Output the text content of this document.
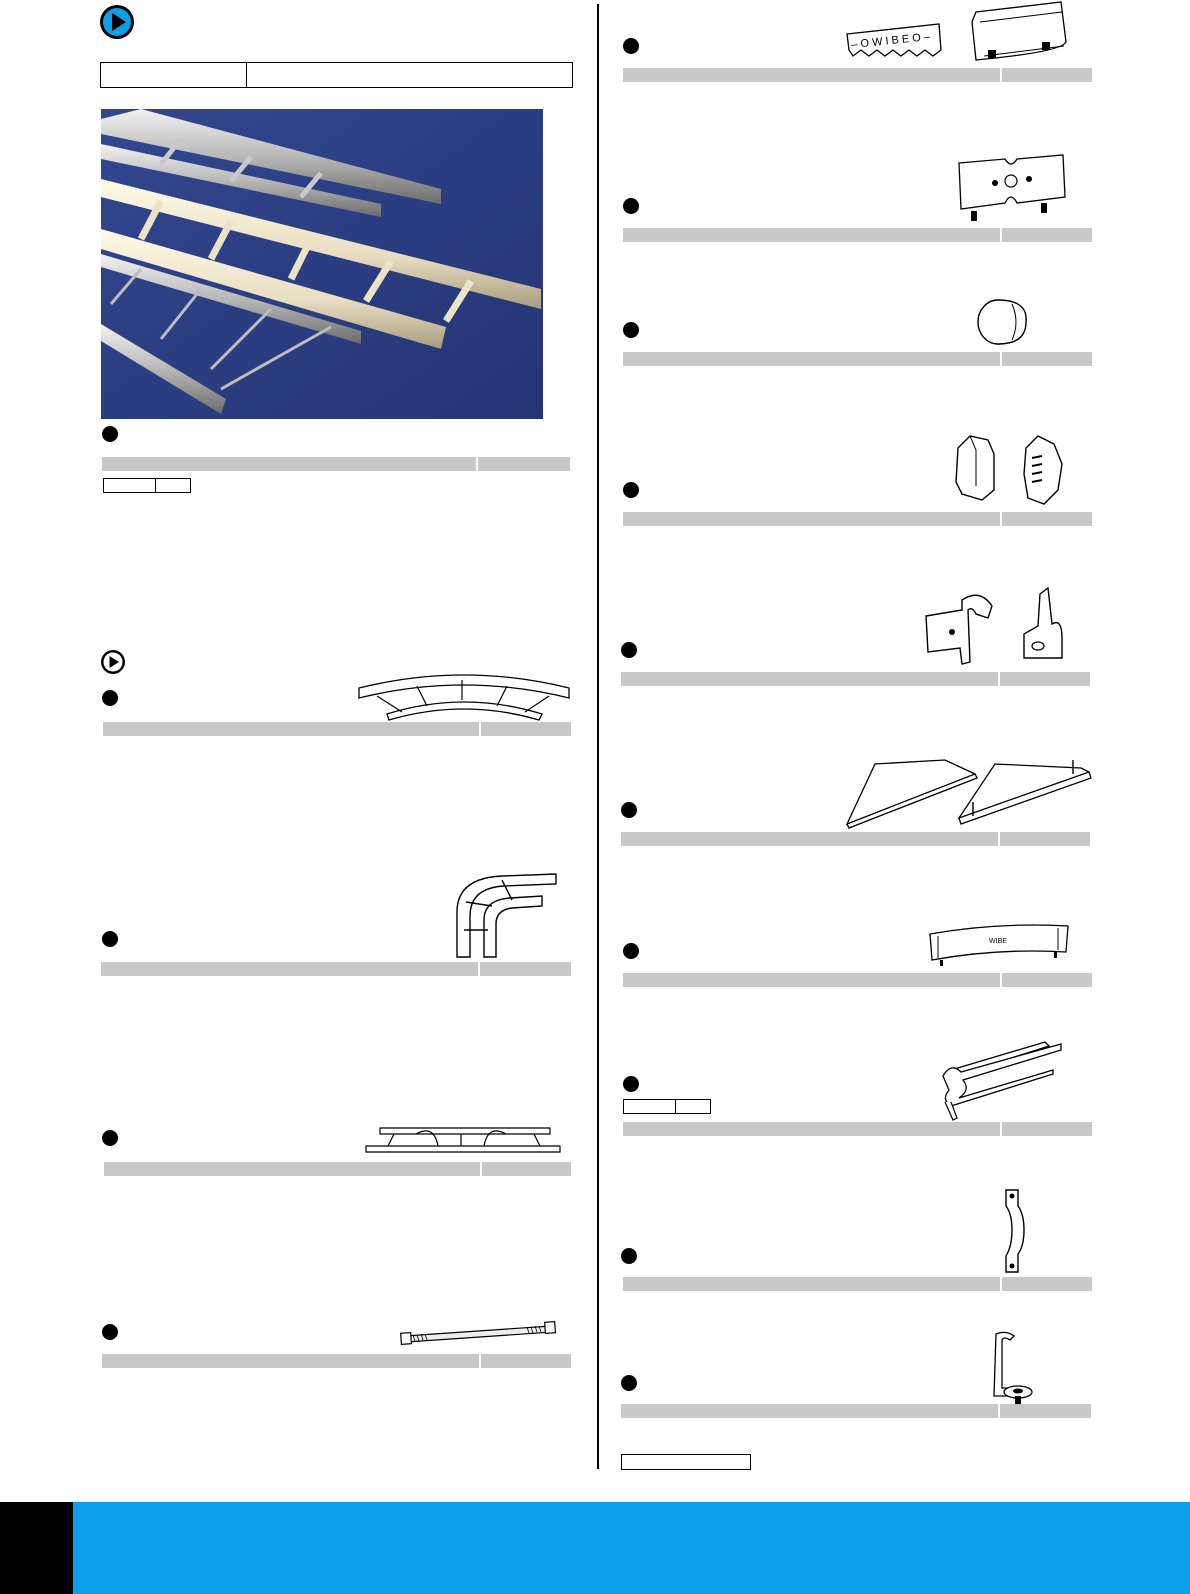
– O W I B E O –
WIBE
